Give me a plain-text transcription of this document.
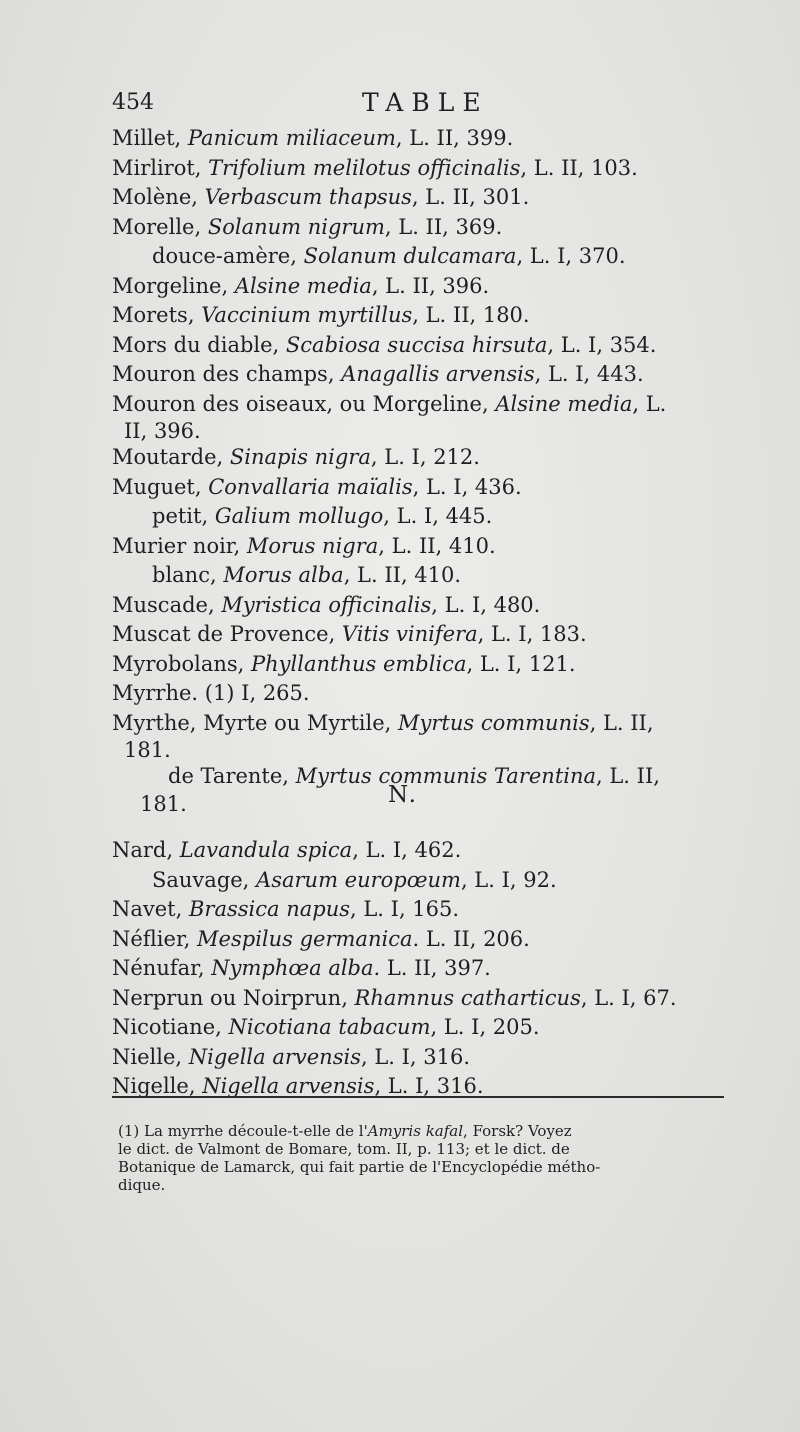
454	TABLE
Millet, Panicum miliaceum, L. II, 399.
Mirlirot, Trifolium melilotus officinalis, L. II, 103.
Molène, Verbascum thapsus, L. II, 301.
Morelle, Solanum nigrum, L. II, 369.
douce-amère, Solanum dulcamara, L. I, 370.
Morgeline, Alsine media, L. II, 396.
Morets, Vaccinium myrtillus, L. II, 180.
Mors du diable, Scabiosa succisa hirsuta, L. I, 354.
Mouron des champs, Anagallis arvensis, L. I, 443.
Mouron des oiseaux, ou Morgeline, Alsine media, L.
II, 396.
Moutarde, Sinapis nigra, L. I, 212.
Muguet, Convallaria maïalis, L. I, 436.
petit, Galium mollugo, L. I, 445.
Murier noir, Morus nigra, L. II, 410.
blanc, Morus alba, L. II, 410.
Muscade, Myristica officinalis, L. I, 480.
Muscat de Provence, Vitis vinifera, L. I, 183.
Myrobolans, Phyllanthus emblica, L. I, 121.
Myrrhe. (1) I, 265.
Myrthe, Myrte ou Myrtile, Myrtus communis, L. II,
181.
de Tarente, Myrtus communis Tarentina, L. II,
181.	N.
Nard, Lavandula spica, L. I, 462.
Sauvage, Asarum europœum, L. I, 92.
Navet, Brassica napus, L. I, 165.
Néflier, Mespilus germanica. L. II, 206.
Nénufar, Nymphœa alba. L. II, 397.
Nerprun ou Noirprun, Rhamnus catharticus, L. I, 67.
Nicotiane, Nicotiana tabacum, L. I, 205.
Nielle, Nigella arvensis, L. I, 316.
Nigelle, Nigella arvensis, L. I, 316.
(1) La myrrhe découle-t-elle de l'Amyris kafal, Forsk? Voyez
le dict. de Valmont de Bomare, tom. II, p. 113; et le dict. de
Botanique de Lamarck, qui fait partie de l'Encyclopédie métho-
dique.
